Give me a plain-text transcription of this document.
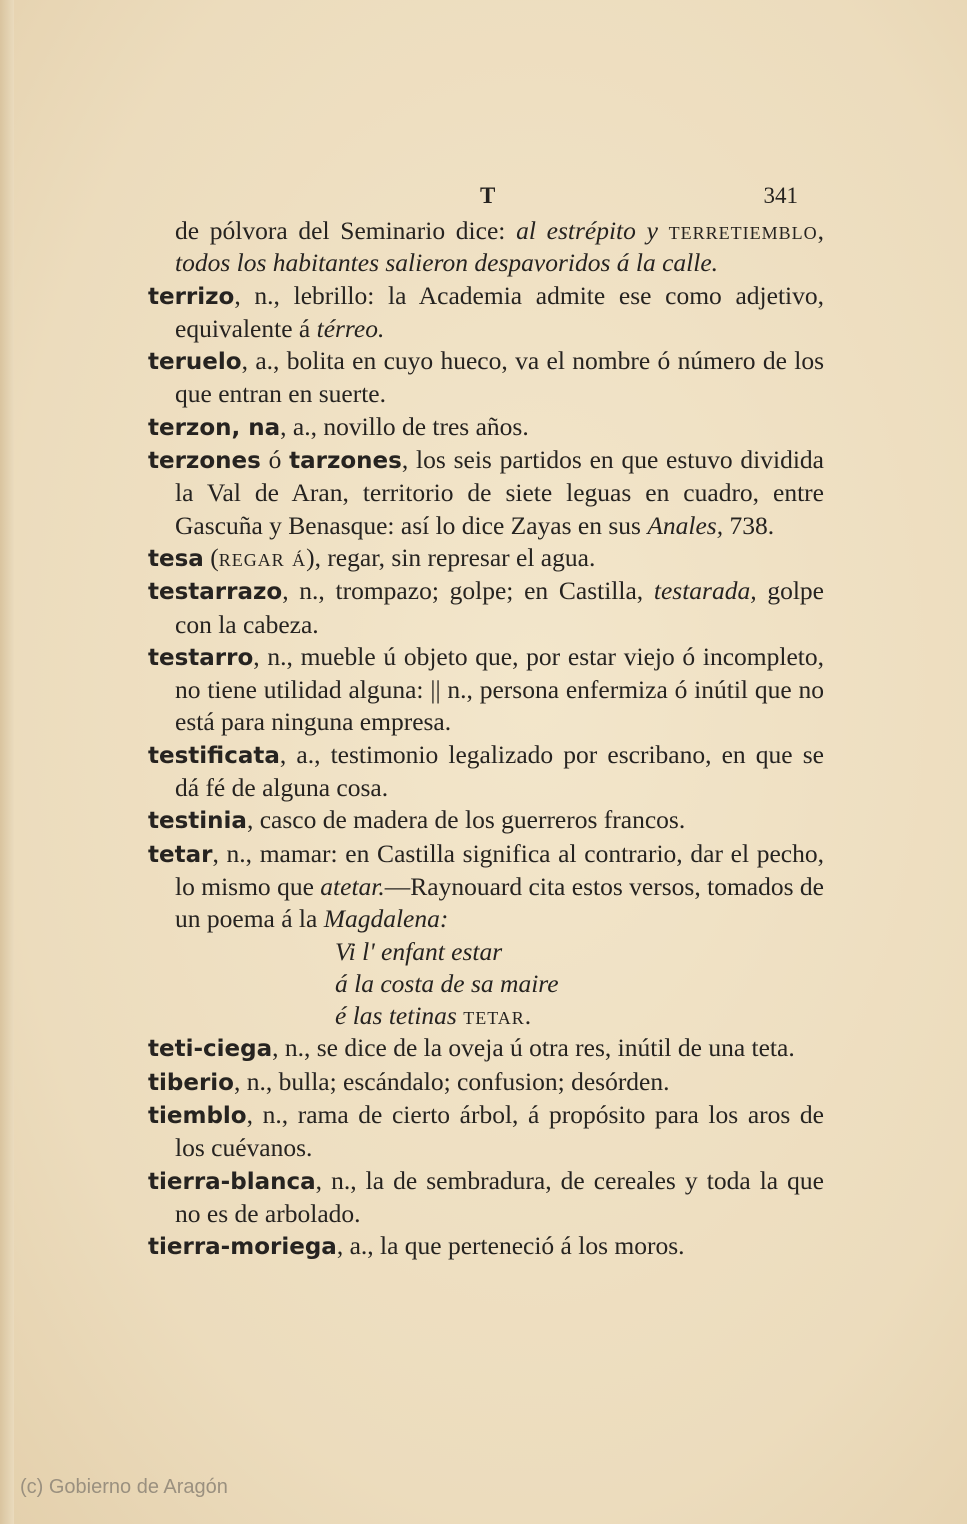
T	341
de pólvora del Seminario dice: al estrépito y terretiemblo, todos los habitantes salieron despavoridos á la calle.
terrizo, n., lebrillo: la Academia admite ese como adjetivo, equivalente á térreo.
teruelo, a., bolita en cuyo hueco, va el nombre ó número de los que entran en suerte.
terzon, na, a., novillo de tres años.
terzones ó tarzones, los seis partidos en que estuvo dividida la Val de Aran, territorio de siete leguas en cuadro, entre Gascuña y Benasque: así lo dice Zayas en sus Anales, 738.
tesa (regar á), regar, sin represar el agua.
testarrazo, n., trompazo; golpe; en Castilla, testarada, golpe con la cabeza.
testarro, n., mueble ú objeto que, por estar viejo ó incompleto, no tiene utilidad alguna: || n., persona enfermiza ó inútil que no está para ninguna empresa.
testificata, a., testimonio legalizado por escribano, en que se dá fé de alguna cosa.
testinia, casco de madera de los guerreros francos.
tetar, n., mamar: en Castilla significa al contrario, dar el pecho, lo mismo que atetar.—Raynouard cita estos versos, tomados de un poema á la Magdalena:
Vi l' enfant estar
á la costa de sa maire
é las tetinas tetar.
teti-ciega, n., se dice de la oveja ú otra res, inútil de una teta.
tiberio, n., bulla; escándalo; confusion; desórden.
tiemblo, n., rama de cierto árbol, á propósito para los aros de los cuévanos.
tierra-blanca, n., la de sembradura, de cereales y toda la que no es de arbolado.
tierra-moriega, a., la que perteneció á los moros.
(c) Gobierno de Aragón
